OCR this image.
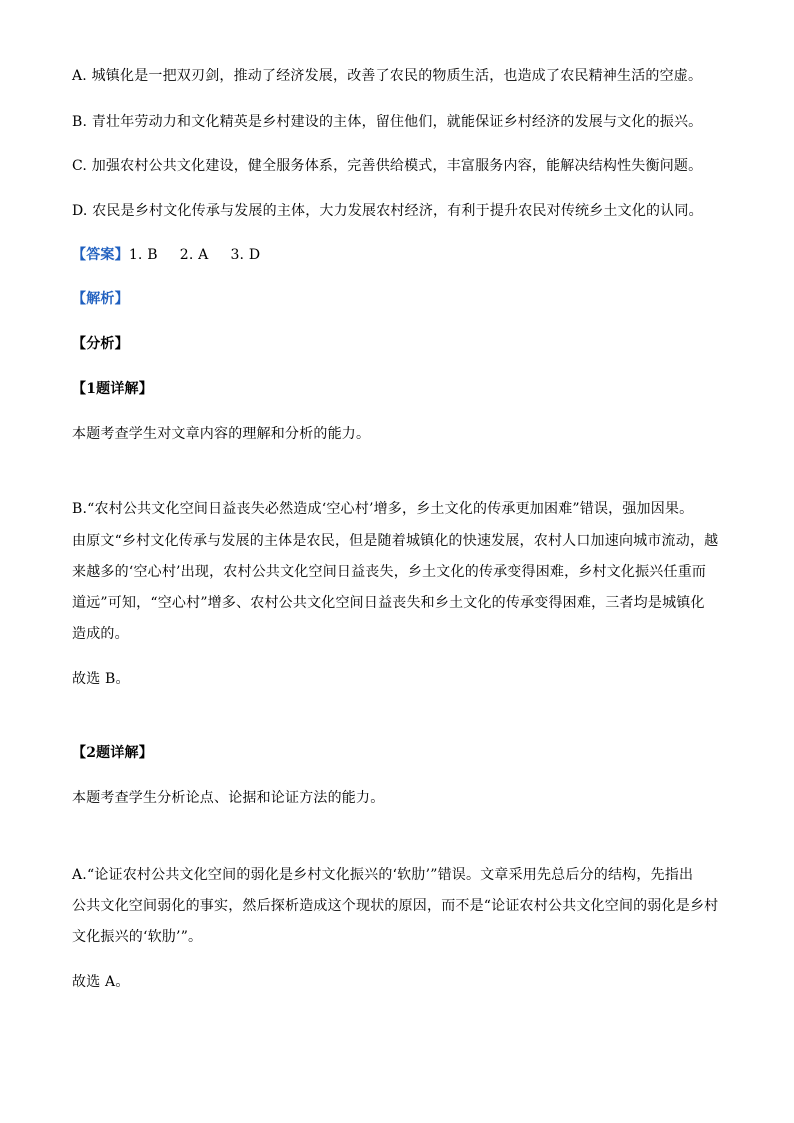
A. 城镇化是一把双刃剑，推动了经济发展，改善了农民的物质生活，也造成了农民精神生活的空虚。
B. 青壮年劳动力和文化精英是乡村建设的主体，留住他们，就能保证乡村经济的发展与文化的振兴。
C. 加强农村公共文化建设，健全服务体系，完善供给模式，丰富服务内容，能解决结构性失衡问题。
D. 农民是乡村文化传承与发展的主体，大力发展农村经济，有利于提升农民对传统乡土文化的认同。
【答案】1. B 2. A 3. D
【解析】
【分析】
【1题详解】
本题考查学生对文章内容的理解和分析的能力。
B.“农村公共文化空间日益丧失必然造成‘空心村’增多，乡土文化的传承更加困难”错误，强加因果。
由原文“乡村文化传承与发展的主体是农民，但是随着城镇化的快速发展，农村人口加速向城市流动，越
来越多的‘空心村’出现，农村公共文化空间日益丧失，乡土文化的传承变得困难，乡村文化振兴任重而
道远”可知，“空心村”增多、农村公共文化空间日益丧失和乡土文化的传承变得困难，三者均是城镇化
造成的。
故选 B。
【2题详解】
本题考查学生分析论点、论据和论证方法的能力。
A.“论证农村公共文化空间的弱化是乡村文化振兴的‘软肋’”错误。文章采用先总后分的结构，先指出
公共文化空间弱化的事实，然后探析造成这个现状的原因，而不是“论证农村公共文化空间的弱化是乡村
文化振兴的‘软肋’”。
故选 A。
